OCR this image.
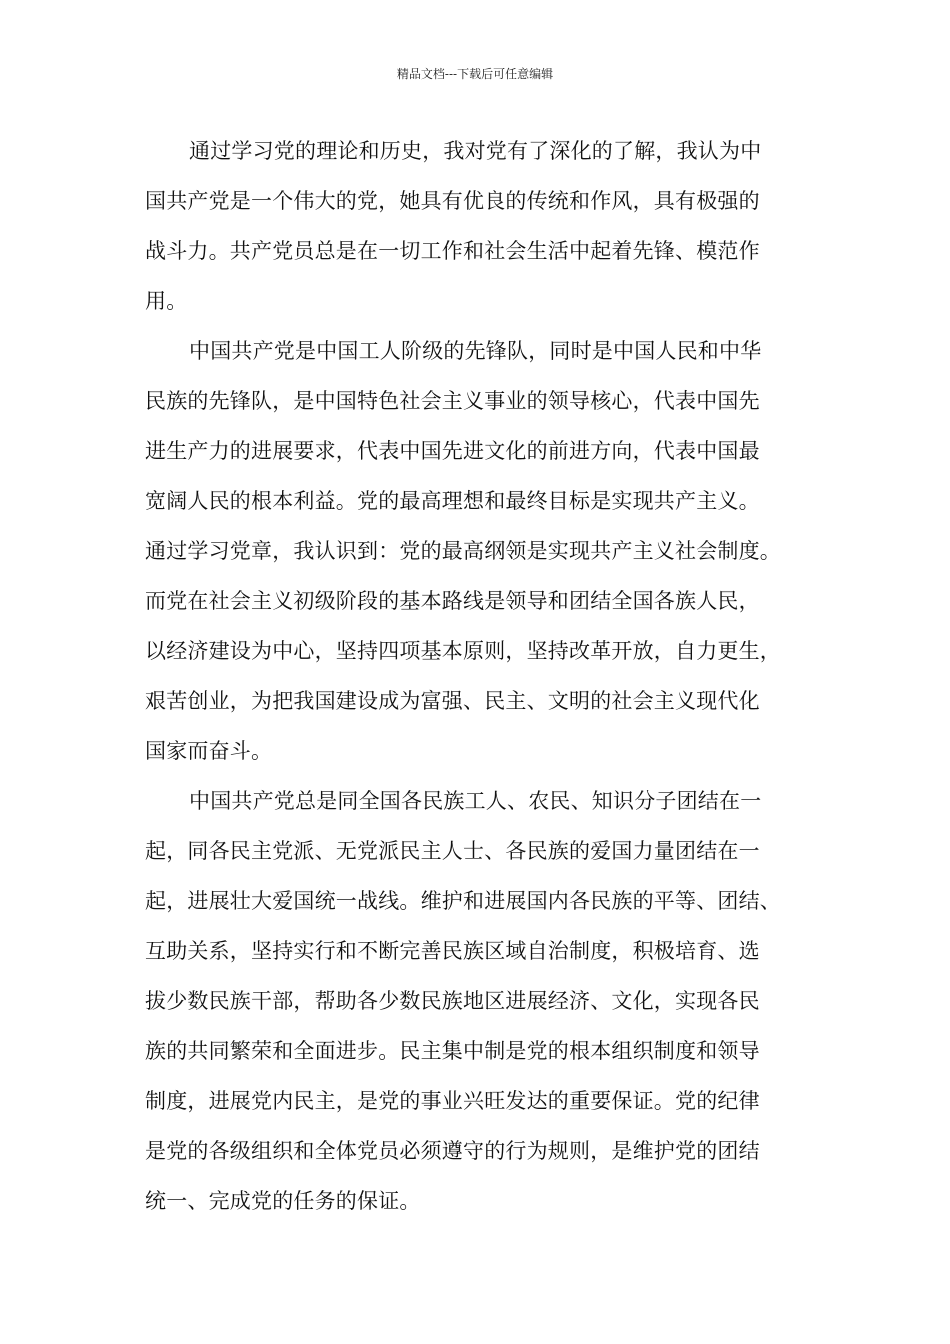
精品文档---下载后可任意编辑

通过学习党的理论和历史，我对党有了深化的了解，我认为中
国共产党是一个伟大的党，她具有优良的传统和作风，具有极强的
战斗力。共产党员总是在一切工作和社会生活中起着先锋、模范作
用。

中国共产党是中国工人阶级的先锋队，同时是中国人民和中华
民族的先锋队，是中国特色社会主义事业的领导核心，代表中国先
进生产力的进展要求，代表中国先进文化的前进方向，代表中国最
宽阔人民的根本利益。党的最高理想和最终目标是实现共产主义。
通过学习党章，我认识到：党的最高纲领是实现共产主义社会制度。
而党在社会主义初级阶段的基本路线是领导和团结全国各族人民，
以经济建设为中心，坚持四项基本原则，坚持改革开放，自力更生，
艰苦创业，为把我国建设成为富强、民主、文明的社会主义现代化
国家而奋斗。

中国共产党总是同全国各民族工人、农民、知识分子团结在一
起，同各民主党派、无党派民主人士、各民族的爱国力量团结在一
起，进展壮大爱国统一战线。维护和进展国内各民族的平等、团结、
互助关系，坚持实行和不断完善民族区域自治制度，积极培育、选
拔少数民族干部，帮助各少数民族地区进展经济、文化，实现各民
族的共同繁荣和全面进步。民主集中制是党的根本组织制度和领导
制度，进展党内民主，是党的事业兴旺发达的重要保证。党的纪律
是党的各级组织和全体党员必须遵守的行为规则，是维护党的团结
统一、完成党的任务的保证。
